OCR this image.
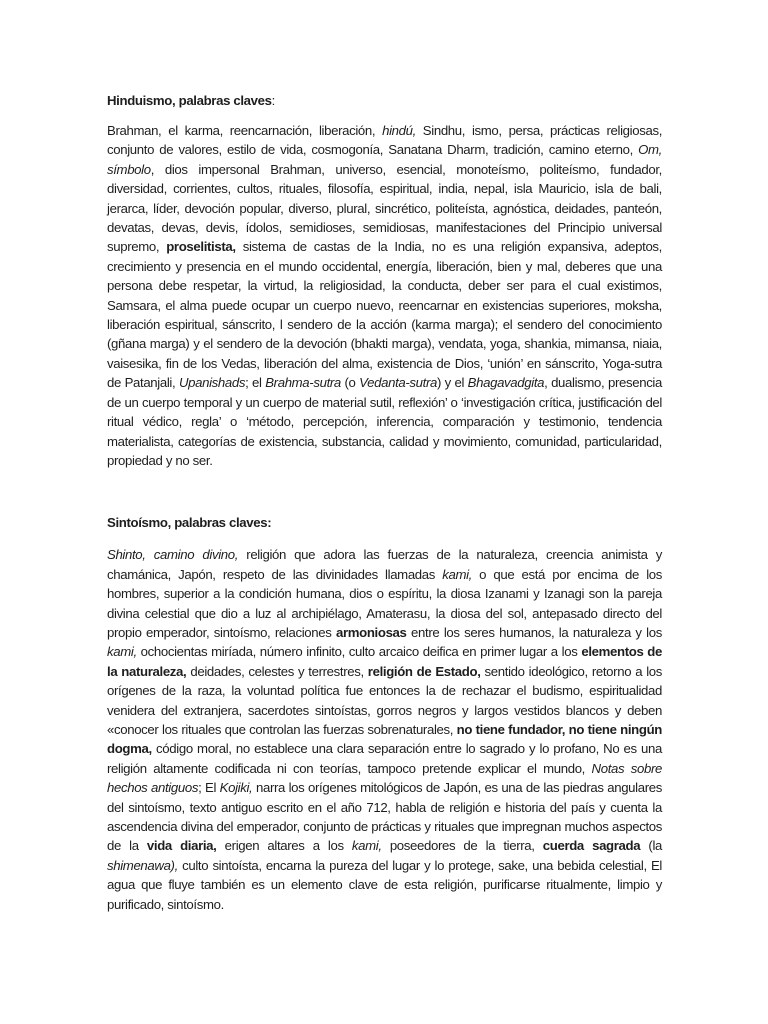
Hinduismo, palabras claves:

Brahman, el karma, reencarnación, liberación, hindú, Sindhu, ismo, persa, prácticas religiosas, conjunto de valores, estilo de vida, cosmogonía, Sanatana Dharm, tradición, camino eterno, Om, símbolo, dios impersonal Brahman, universo, esencial, monoteísmo, politeísmo, fundador, diversidad, corrientes, cultos, rituales, filosofía, espiritual, india, nepal, isla Mauricio, isla de bali, jerarca, líder, devoción popular, diverso, plural, sincrético, politeísta, agnóstica, deidades, panteón, devatas, devas, devis, ídolos, semidioses, semidiosas, manifestaciones del Principio universal supremo, proselitista, sistema de castas de la India, no es una religión expansiva, adeptos, crecimiento y presencia en el mundo occidental, energía, liberación, bien y mal, deberes que una persona debe respetar, la virtud, la religiosidad, la conducta, deber ser para el cual existimos, Samsara, el alma puede ocupar un cuerpo nuevo, reencarnar en existencias superiores, moksha, liberación espiritual, sánscrito, l sendero de la acción (karma marga); el sendero del conocimiento (gñana marga) y el sendero de la devoción (bhakti marga), vendata, yoga, shankia, mimansa, niaia, vaisesika, fin de los Vedas, liberación del alma, existencia de Dios, ‘unión’ en sánscrito, Yoga-sutra de Patanjali, Upanishads; el Brahma-sutra (o Vedanta-sutra) y el Bhagavadgita, dualismo, presencia de un cuerpo temporal y un cuerpo de material sutil, reflexión’ o ‘investigación crítica, justificación del ritual védico, regla’ o ‘método, percepción, inferencia, comparación y testimonio, tendencia materialista, categorías de existencia, substancia, calidad y movimiento, comunidad, particularidad, propiedad y no ser.

Sintoísmo, palabras claves:

Shinto, camino divino, religión que adora las fuerzas de la naturaleza, creencia animista y chamánica, Japón, respeto de las divinidades llamadas kami, o que está por encima de los hombres, superior a la condición humana, dios o espíritu, la diosa Izanami y Izanagi son la pareja divina celestial que dio a luz al archipiélago, Amaterasu, la diosa del sol, antepasado directo del propio emperador, sintoísmo, relaciones armoniosas entre los seres humanos, la naturaleza y los kami, ochocientas miríada, número infinito, culto arcaico deifica en primer lugar a los elementos de la naturaleza, deidades, celestes y terrestres, religión de Estado, sentido ideológico, retorno a los orígenes de la raza, la voluntad política fue entonces la de rechazar el budismo, espiritualidad venidera del extranjera, sacerdotes sintoístas, gorros negros y largos vestidos blancos y deben «conocer los rituales que controlan las fuerzas sobrenaturales, no tiene fundador, no tiene ningún dogma, código moral, no establece una clara separación entre lo sagrado y lo profano, No es una religión altamente codificada ni con teorías, tampoco pretende explicar el mundo, Notas sobre hechos antiguos; El Kojiki, narra los orígenes mitológicos de Japón, es una de las piedras angulares del sintoísmo, texto antiguo escrito en el año 712, habla de religión e historia del país y cuenta la ascendencia divina del emperador, conjunto de prácticas y rituales que impregnan muchos aspectos de la vida diaria, erigen altares a los kami, poseedores de la tierra, cuerda sagrada (la shimenawa), culto sintoísta, encarna la pureza del lugar y lo protege, sake, una bebida celestial, El agua que fluye también es un elemento clave de esta religión, purificarse ritualmente, limpio y purificado, sintoísmo.
